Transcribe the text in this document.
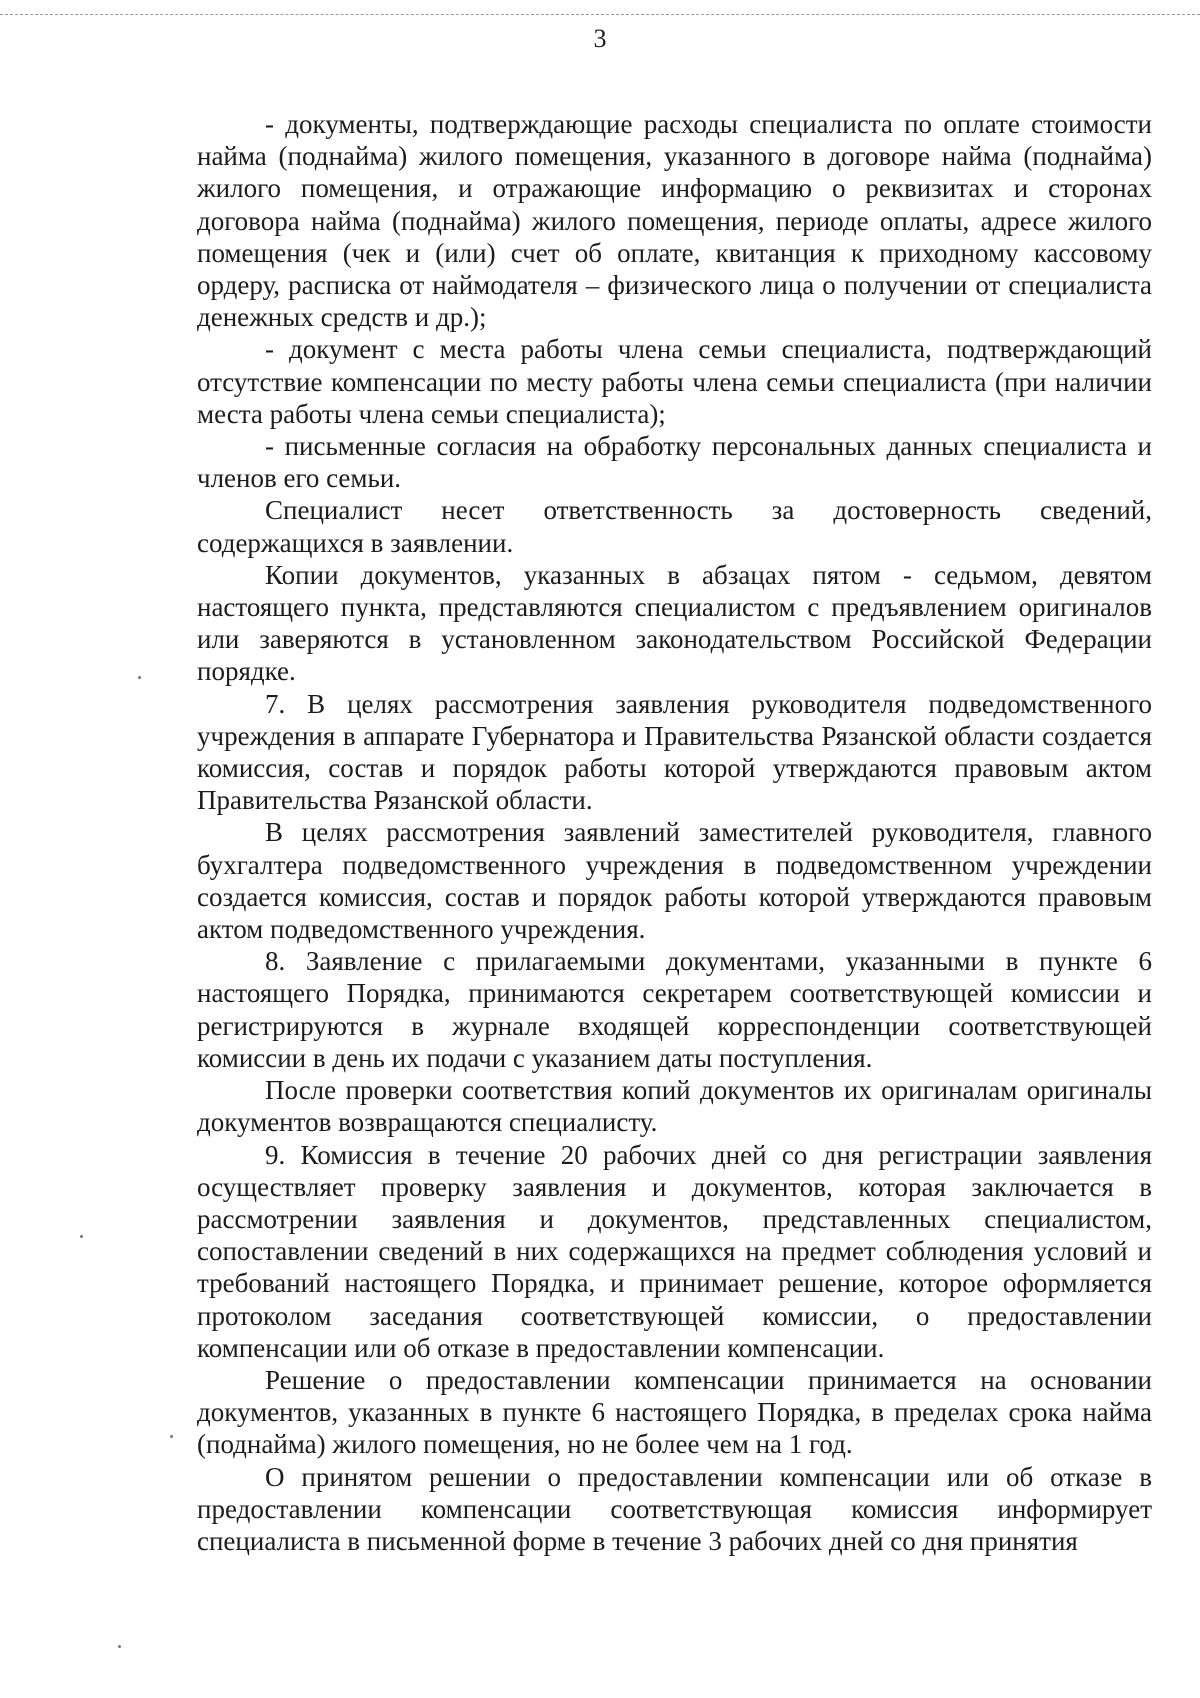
3

- документы, подтверждающие расходы специалиста по оплате стоимости найма (поднайма) жилого помещения, указанного в договоре найма (поднайма) жилого помещения, и отражающие информацию о реквизитах и сторонах договора найма (поднайма) жилого помещения, периоде оплаты, адресе жилого помещения (чек и (или) счет об оплате, квитанция к приходному кассовому ордеру, расписка от наймодателя – физического лица о получении от специалиста денежных средств и др.);

- документ с места работы члена семьи специалиста, подтверждающий отсутствие компенсации по месту работы члена семьи специалиста (при наличии места работы члена семьи специалиста);

- письменные согласия на обработку персональных данных специалиста и членов его семьи.

Специалист несет ответственность за достоверность сведений, содержащихся в заявлении.

Копии документов, указанных в абзацах пятом - седьмом, девятом настоящего пункта, представляются специалистом с предъявлением оригиналов или заверяются в установленном законодательством Российской Федерации порядке.

7. В целях рассмотрения заявления руководителя подведомственного учреждения в аппарате Губернатора и Правительства Рязанской области создается комиссия, состав и порядок работы которой утверждаются правовым актом Правительства Рязанской области.

В целях рассмотрения заявлений заместителей руководителя, главного бухгалтера подведомственного учреждения в подведомственном учреждении создается комиссия, состав и порядок работы которой утверждаются правовым актом подведомственного учреждения.

8. Заявление с прилагаемыми документами, указанными в пункте 6 настоящего Порядка, принимаются секретарем соответствующей комиссии и регистрируются в журнале входящей корреспонденции соответствующей комиссии в день их подачи с указанием даты поступления.

После проверки соответствия копий документов их оригиналам оригиналы документов возвращаются специалисту.

9. Комиссия в течение 20 рабочих дней со дня регистрации заявления осуществляет проверку заявления и документов, которая заключается в рассмотрении заявления и документов, представленных специалистом, сопоставлении сведений в них содержащихся на предмет соблюдения условий и требований настоящего Порядка, и принимает решение, которое оформляется протоколом заседания соответствующей комиссии, о предоставлении компенсации или об отказе в предоставлении компенсации.

Решение о предоставлении компенсации принимается на основании документов, указанных в пункте 6 настоящего Порядка, в пределах срока найма (поднайма) жилого помещения, но не более чем на 1 год.

О принятом решении о предоставлении компенсации или об отказе в предоставлении компенсации соответствующая комиссия информирует специалиста в письменной форме в течение 3 рабочих дней со дня принятия
